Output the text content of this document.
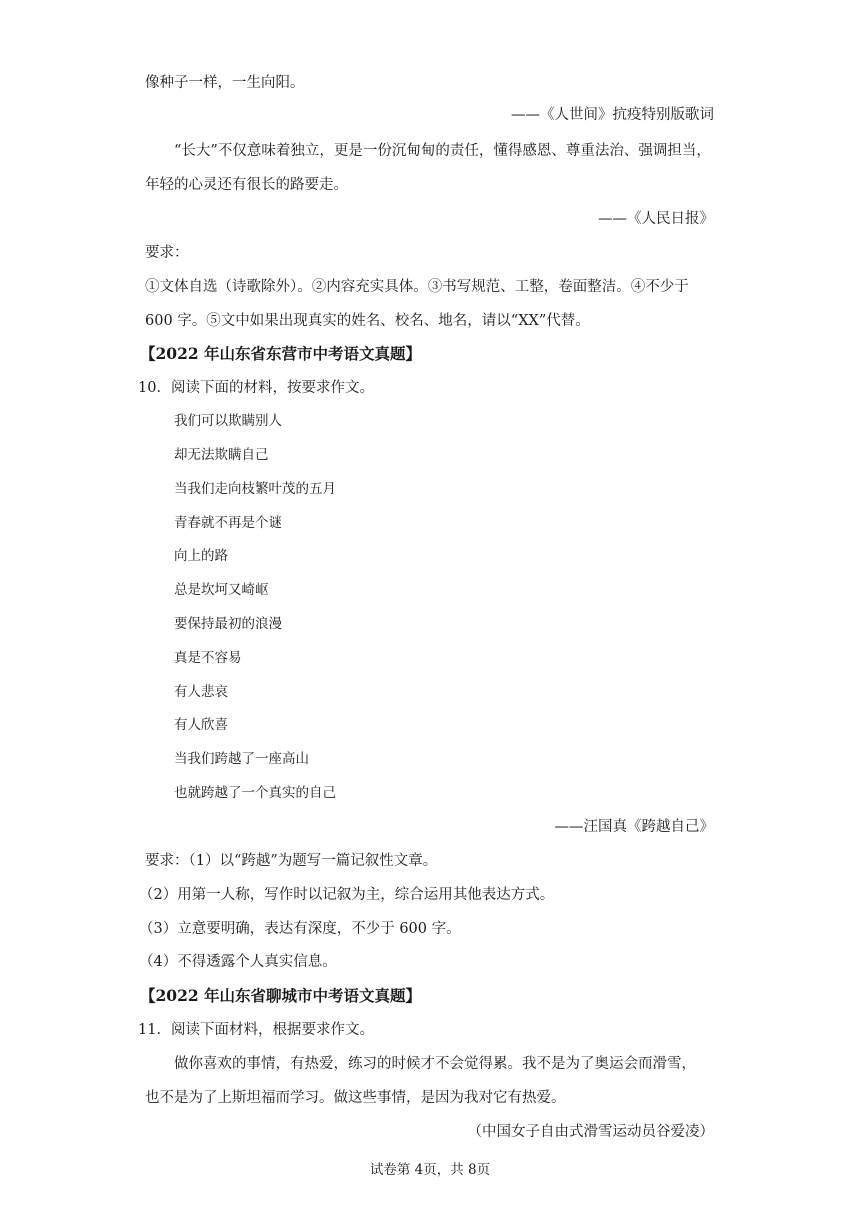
像种子一样，一生向阳。
——《人世间》抗疫特别版歌词
“长大”不仅意味着独立，更是一份沉甸甸的责任，懂得感恩、尊重法治、强调担当，
年轻的心灵还有很长的路要走。
——《人民日报》
要求：
①文体自选（诗歌除外）。②内容充实具体。③书写规范、工整，卷面整洁。④不少于
600 字。⑤文中如果出现真实的姓名、校名、地名，请以“XX”代替。
【2022 年山东省东营市中考语文真题】
10．阅读下面的材料，按要求作文。
我们可以欺瞒别人
却无法欺瞒自己
当我们走向枝繁叶茂的五月
青春就不再是个谜
向上的路
总是坎坷又崎岖
要保持最初的浪漫
真是不容易
有人悲哀
有人欣喜
当我们跨越了一座高山
也就跨越了一个真实的自己
——汪国真《跨越自己》
要求：（1）以“跨越”为题写一篇记叙性文章。
（2）用第一人称，写作时以记叙为主，综合运用其他表达方式。
（3）立意要明确，表达有深度，不少于 600 字。
（4）不得透露个人真实信息。
【2022 年山东省聊城市中考语文真题】
11．阅读下面材料，根据要求作文。
做你喜欢的事情，有热爱，练习的时候才不会觉得累。我不是为了奥运会而滑雪，
也不是为了上斯坦福而学习。做这些事情，是因为我对它有热爱。
（中国女子自由式滑雪运动员谷爱凌）
试卷第 4页，共 8页
